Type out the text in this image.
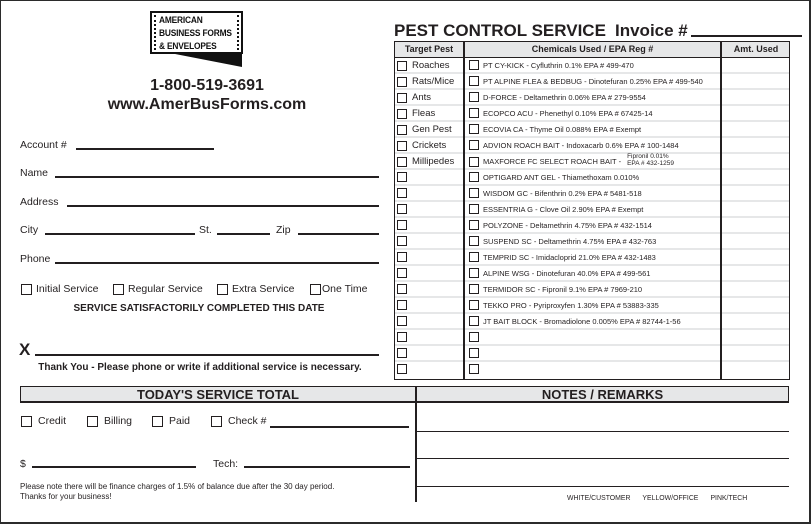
AMERICAN
BUSINESS FORMS
& ENVELOPES
1-800-519-3691
www.AmerBusForms.com
Account #
Name
Address
City	St.	Zip
Phone
Initial Service	Regular Service	Extra Service	One Time
SERVICE SATISFACTORILY COMPLETED THIS DATE
X
Thank You - Please phone or write if additional service is necessary.
PEST CONTROL SERVICE Invoice #
Target Pest	Chemicals Used / EPA Reg #	Amt. Used
Roaches	PT CY-KICK - Cyfluthrin 0.1% EPA # 499-470
Rats/Mice	PT ALPINE FLEA & BEDBUG - Dinotefuran 0.25% EPA # 499-540
Ants	D-FORCE - Deltamethrin 0.06% EPA # 279-9554
Fleas	ECOPCO ACU - Phenethyl 0.10% EPA # 67425-14
Gen Pest	ECOVIA CA - Thyme Oil 0.088% EPA # Exempt
Crickets	ADVION ROACH BAIT - Indoxacarb 0.6% EPA # 100-1484
Millipedes	MAXFORCE FC SELECT ROACH BAIT -
Fipronil 0.01%
EPA # 432-1259
OPTIGARD ANT GEL - Thiamethoxam 0.010%
WISDOM GC - Bifenthrin 0.2% EPA # 5481-518
ESSENTRIA G - Clove Oil 2.90% EPA # Exempt
POLYZONE - Deltamethrin 4.75% EPA # 432-1514
SUSPEND SC - Deltamethrin 4.75% EPA # 432-763
TEMPRID SC - Imidacloprid 21.0% EPA # 432-1483
ALPINE WSG - Dinotefuran 40.0% EPA # 499-561
TERMIDOR SC - Fipronil 9.1% EPA # 7969-210
TEKKO PRO - Pyriproxyfen 1.30% EPA # 53883-335
JT BAIT BLOCK - Bromadiolone 0.005% EPA # 82744-1-56
TODAY'S SERVICE TOTAL	NOTES / REMARKS
Credit	Billing	Paid	Check #
$	Tech:
Please note there will be finance charges of 1.5% of balance due after the 30 day period.
Thanks for your business!	WHITE/CUSTOMER YELLOW/OFFICE PINK/TECH
